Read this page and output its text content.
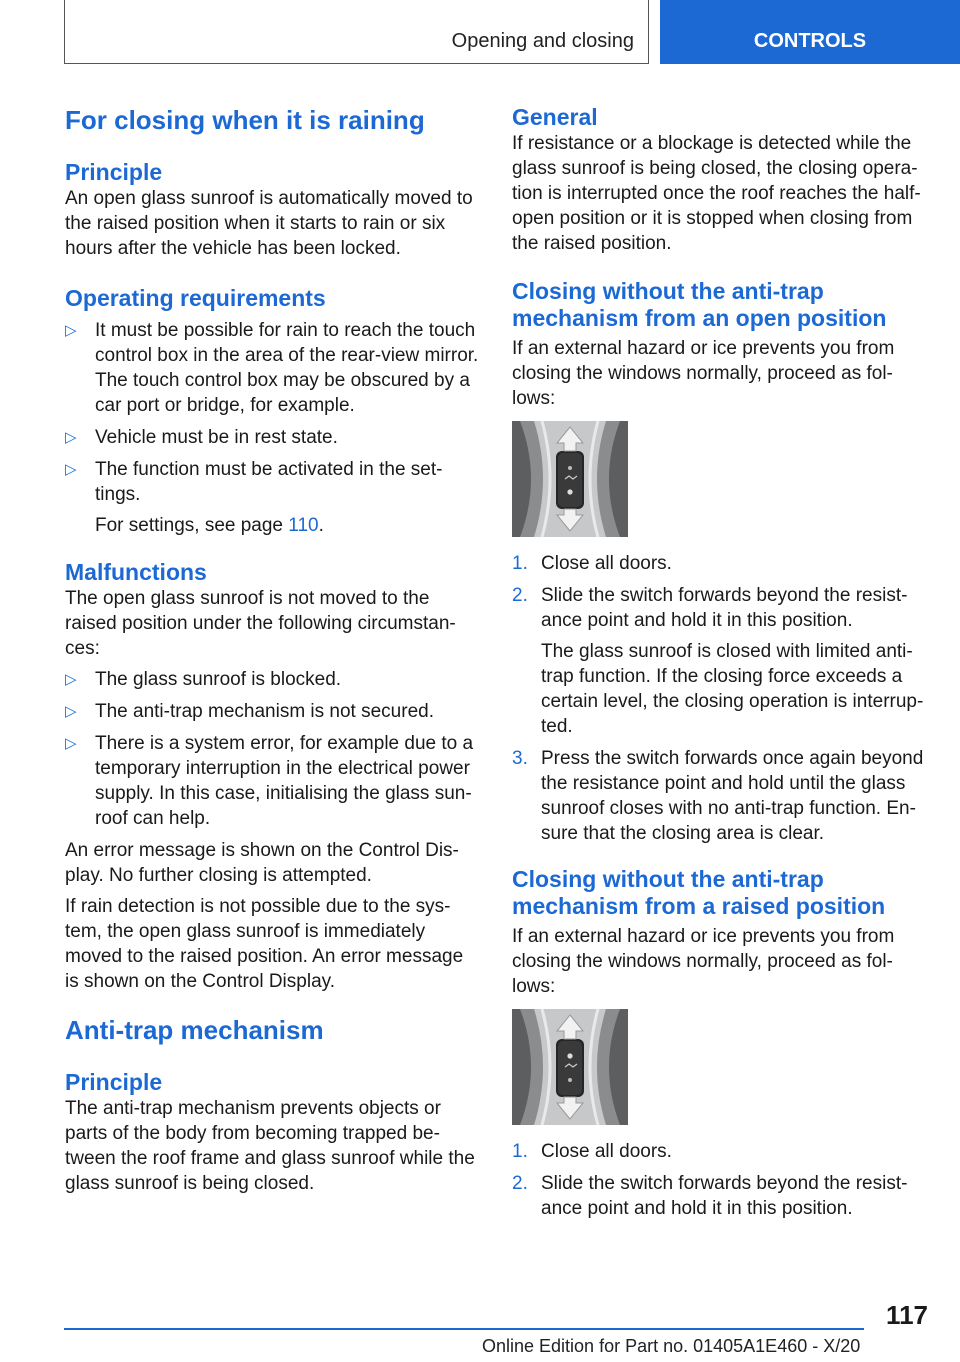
Opening and closing	CONTROLS
For closing when it is raining
Principle
An open glass sunroof is automatically moved to the raised position when it starts to rain or six hours after the vehicle has been locked.
Operating requirements
▷ It must be possible for rain to reach the touch control box in the area of the rear-view mirror. The touch control box may be obscured by a car port or bridge, for example.
▷ Vehicle must be in rest state.
▷ The function must be activated in the set-tings.
For settings, see page 110.
Malfunctions
The open glass sunroof is not moved to the raised position under the following circumstan-ces:
▷ The glass sunroof is blocked.
▷ The anti-trap mechanism is not secured.
▷ There is a system error, for example due to a temporary interruption in the electrical power supply. In this case, initialising the glass sun-roof can help.
An error message is shown on the Control Dis-play. No further closing is attempted.
If rain detection is not possible due to the sys-tem, the open glass sunroof is immediately moved to the raised position. An error message is shown on the Control Display.
Anti-trap mechanism
Principle
The anti-trap mechanism prevents objects or parts of the body from becoming trapped be-tween the roof frame and glass sunroof while the glass sunroof is being closed.
General
If resistance or a blockage is detected while the glass sunroof is being closed, the closing opera-tion is interrupted once the roof reaches the half-open position or it is stopped when closing from the raised position.
Closing without the anti-trap mechanism from an open position
If an external hazard or ice prevents you from closing the windows normally, proceed as fol-lows:
1. Close all doors.
2. Slide the switch forwards beyond the resist-ance point and hold it in this position.
The glass sunroof is closed with limited anti-trap function. If the closing force exceeds a certain level, the closing operation is interrup-ted.
3. Press the switch forwards once again beyond the resistance point and hold until the glass sunroof closes with no anti-trap function. En-sure that the closing area is clear.
Closing without the anti-trap mechanism from a raised position
If an external hazard or ice prevents you from closing the windows normally, proceed as fol-lows:
1. Close all doors.
2. Slide the switch forwards beyond the resist-ance point and hold it in this position.
117
Online Edition for Part no. 01405A1E460 - X/20
